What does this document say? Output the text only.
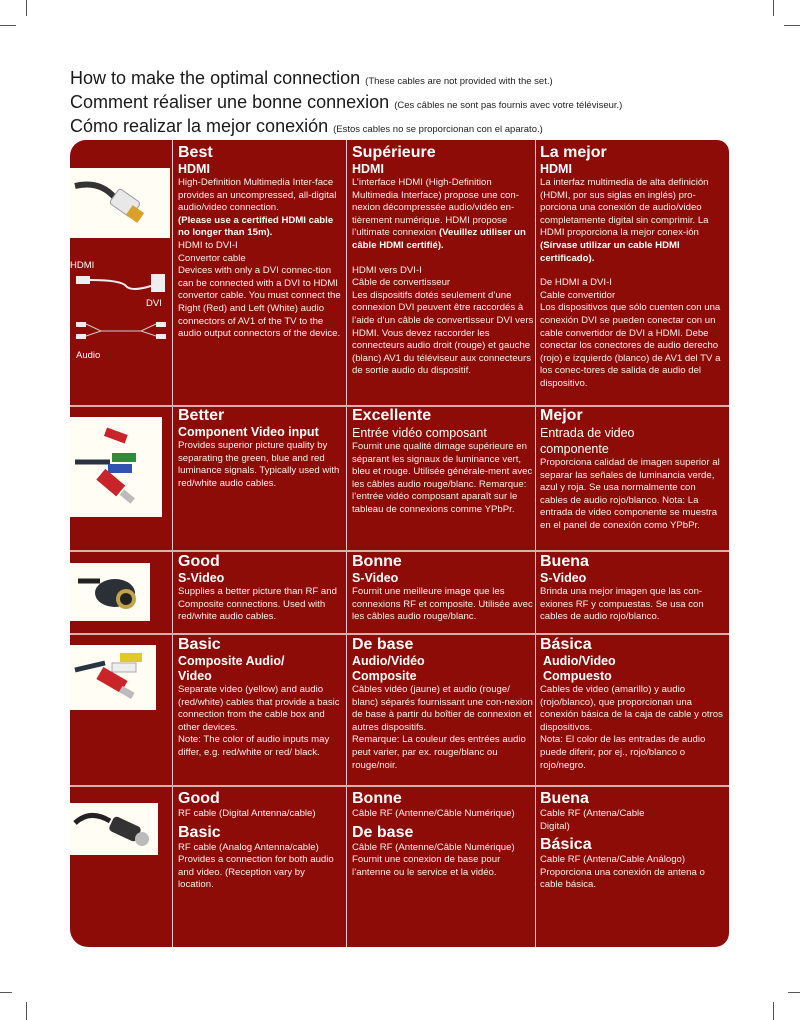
How to make the optimal connection (These cables are not provided with the set.)
Comment réaliser une bonne connexion (Ces câbles ne sont pas fournis avec votre téléviseur.)
Cómo realizar la mejor conexión (Estos cables no se proporcionan con el aparato.)
HDMI
DVI
Audio
Best
HDMI

High-Definition Multimedia Inter-face provides an uncompressed, all-digital audio/video connection.

(Please use a certified HDMI cable no longer than 15m).

HDMI to DVI-I

Convertor cable

Devices with only a DVI connec-tion can be connected with a DVI to HDMI convertor cable. You must connect the Right (Red) and Left (White) audio connectors of AV1 of the TV to the audio output connectors of the device.

Supérieure
HDMI

L’interface HDMI (High-Definition Multimedia Interface) propose une con-nexion décompressée audio/vidéo en-tièrement numérique. HDMI propose l’ultimate connexion (Veuillez utiliser un câble HDMI certifié).

HDMI vers DVI-I

Câble de convertisseur

Les dispositifs dotés seulement d’une connexion DVI peuvent être raccordés à l’aide d’un câble de convertisseur DVI vers HDMI. Vous devez raccorder les connecteurs audio droit (rouge) et gauche (blanc) AV1 du téléviseur aux connecteurs de sortie audio du dispositif.

La mejor
HDMI

La interfaz multimedia de alta definición (HDMI, por sus siglas en inglés) pro-porciona una conexión de audio/video completamente digital sin comprimir. La HDMI proporciona la mejor conex-ión (Sírvase utilizar un cable HDMI certificado).

De HDMI a DVI-I

Cable convertidor

Los dispositivos que sólo cuenten con una conexión DVI se pueden conectar con un cable convertidor de DVI a HDMI. Debe conectar los conectores de audio derecho (rojo) e izquierdo (blanco) de AV1 del TV a los conec-tores de salida de audio del dispositivo.

Better
Component Video input

Provides superior picture quality by separating the green, blue and red luminance signals. Typically used with red/white audio cables.

Excellente
Entrée vidéo composant

Fournit une qualité dimage supérieure en séparant les signaux de luminance vert, bleu et rouge. Utilisée générale-ment avec les câbles audio rouge/blanc. Remarque: l’entrée vidéo composant aparaît sur le tableau de connexions comme YPbPr.

Mejor
Entrada de video componente

Proporciona calidad de imagen superior al separar las señales de luminancia verde, azul y roja. Se usa normalmente con cables de audio rojo/blanco. Nota: La entrada de video componente se muestra en el panel de conexión como YPbPr.

Good
S-Video

Supplies a better picture than RF and Composite connections. Used with red/white audio cables.

Bonne
S-Video

Fournit une meilleure image que les connexions RF et composite. Utilisée avec les câbles audio rouge/blanc.

Buena
S-Video

Brinda una mejor imagen que las con-exiones RF y compuestas. Se usa con cables de audio rojo/blanco.

Basic
Composite Audio/ Video

Separate video (yellow) and audio (red/white) cables that provide a basic connection from the cable box and other devices.

Note: The color of audio inputs may differ, e.g. red/white or red/ black.

De base
Audio/Vidéo Composite

Câbles vidéo (jaune) et audio (rouge/ blanc) séparés fournissant une con-nexion de base à partir du boîtier de connexion et autres dispositifs.

Remarque: La couleur des entrées audio peut varier, par ex. rouge/blanc ou rouge/noir.

Básica
Audio/Video Compuesto

Cables de video (amarillo) y audio (rojo/blanco), que proporcionan una conexión básica de la caja de cable y otros dispositivos.

Nota: El color de las entradas de audio puede diferir, por ej., rojo/blanco o rojo/negro.

Good

RF cable (Digital Antenna/cable)

Basic

RF cable (Analog Antenna/cable)

Provides a connection for both audio and video. (Reception vary by location.

Bonne

Câble RF (Antenne/Câble Numérique)

De base

Câble RF (Antenne/Câble Numérique)

Fournit une conexion de base pour l’antenne ou le service et la vidéo.

Buena

Cable RF (Antena/Cable Digital)

Básica

Cable RF (Antena/Cable Análogo)

Proporciona una conexión de antena o cable básica.
